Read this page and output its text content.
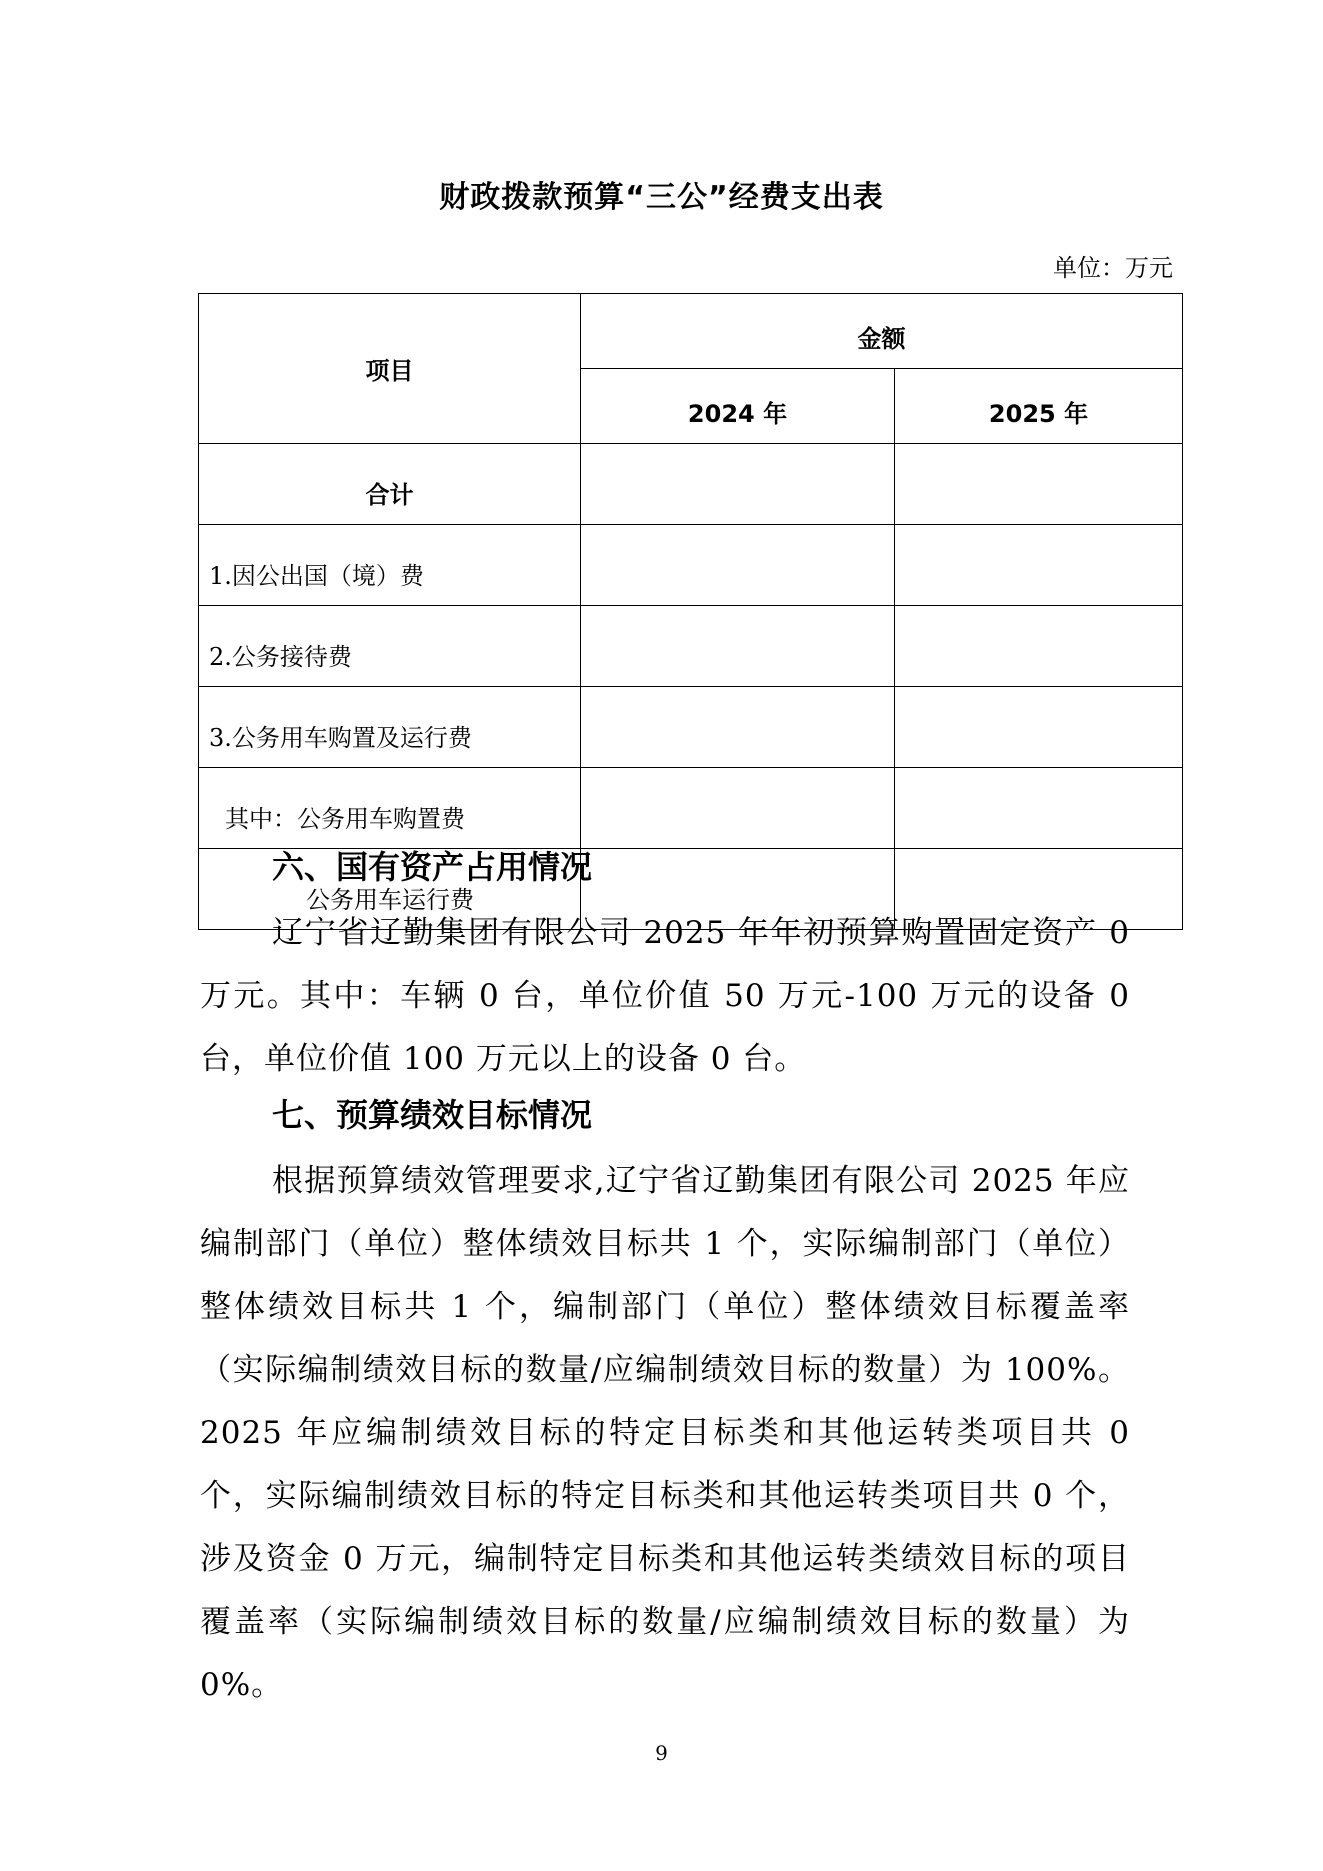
财政拨款预算“三公”经费支出表
单位：万元
项目	金额	
	2024 年	2025 年
合计		
1.因公出国（境）费		
2.公务接待费		
3.公务用车购置及运行费		
其中：公务用车购置费		
公务用车运行费		
六、国有资产占用情况

辽宁省辽勤集团有限公司 2025 年年初预算购置固定资产 0 万元。其中：车辆 0 台，单位价值 50 万元-100 万元的设备 0 台，单位价值 100 万元以上的设备 0 台。

七、预算绩效目标情况

根据预算绩效管理要求,辽宁省辽勤集团有限公司 2025 年应编制部门（单位）整体绩效目标共 1 个，实际编制部门（单位）整体绩效目标共 1 个，编制部门（单位）整体绩效目标覆盖率（实际编制绩效目标的数量/应编制绩效目标的数量）为 100%。2025 年应编制绩效目标的特定目标类和其他运转类项目共 0 个，实际编制绩效目标的特定目标类和其他运转类项目共 0 个，涉及资金 0 万元，编制特定目标类和其他运转类绩效目标的项目覆盖率（实际编制绩效目标的数量/应编制绩效目标的数量）为 0%。

9
